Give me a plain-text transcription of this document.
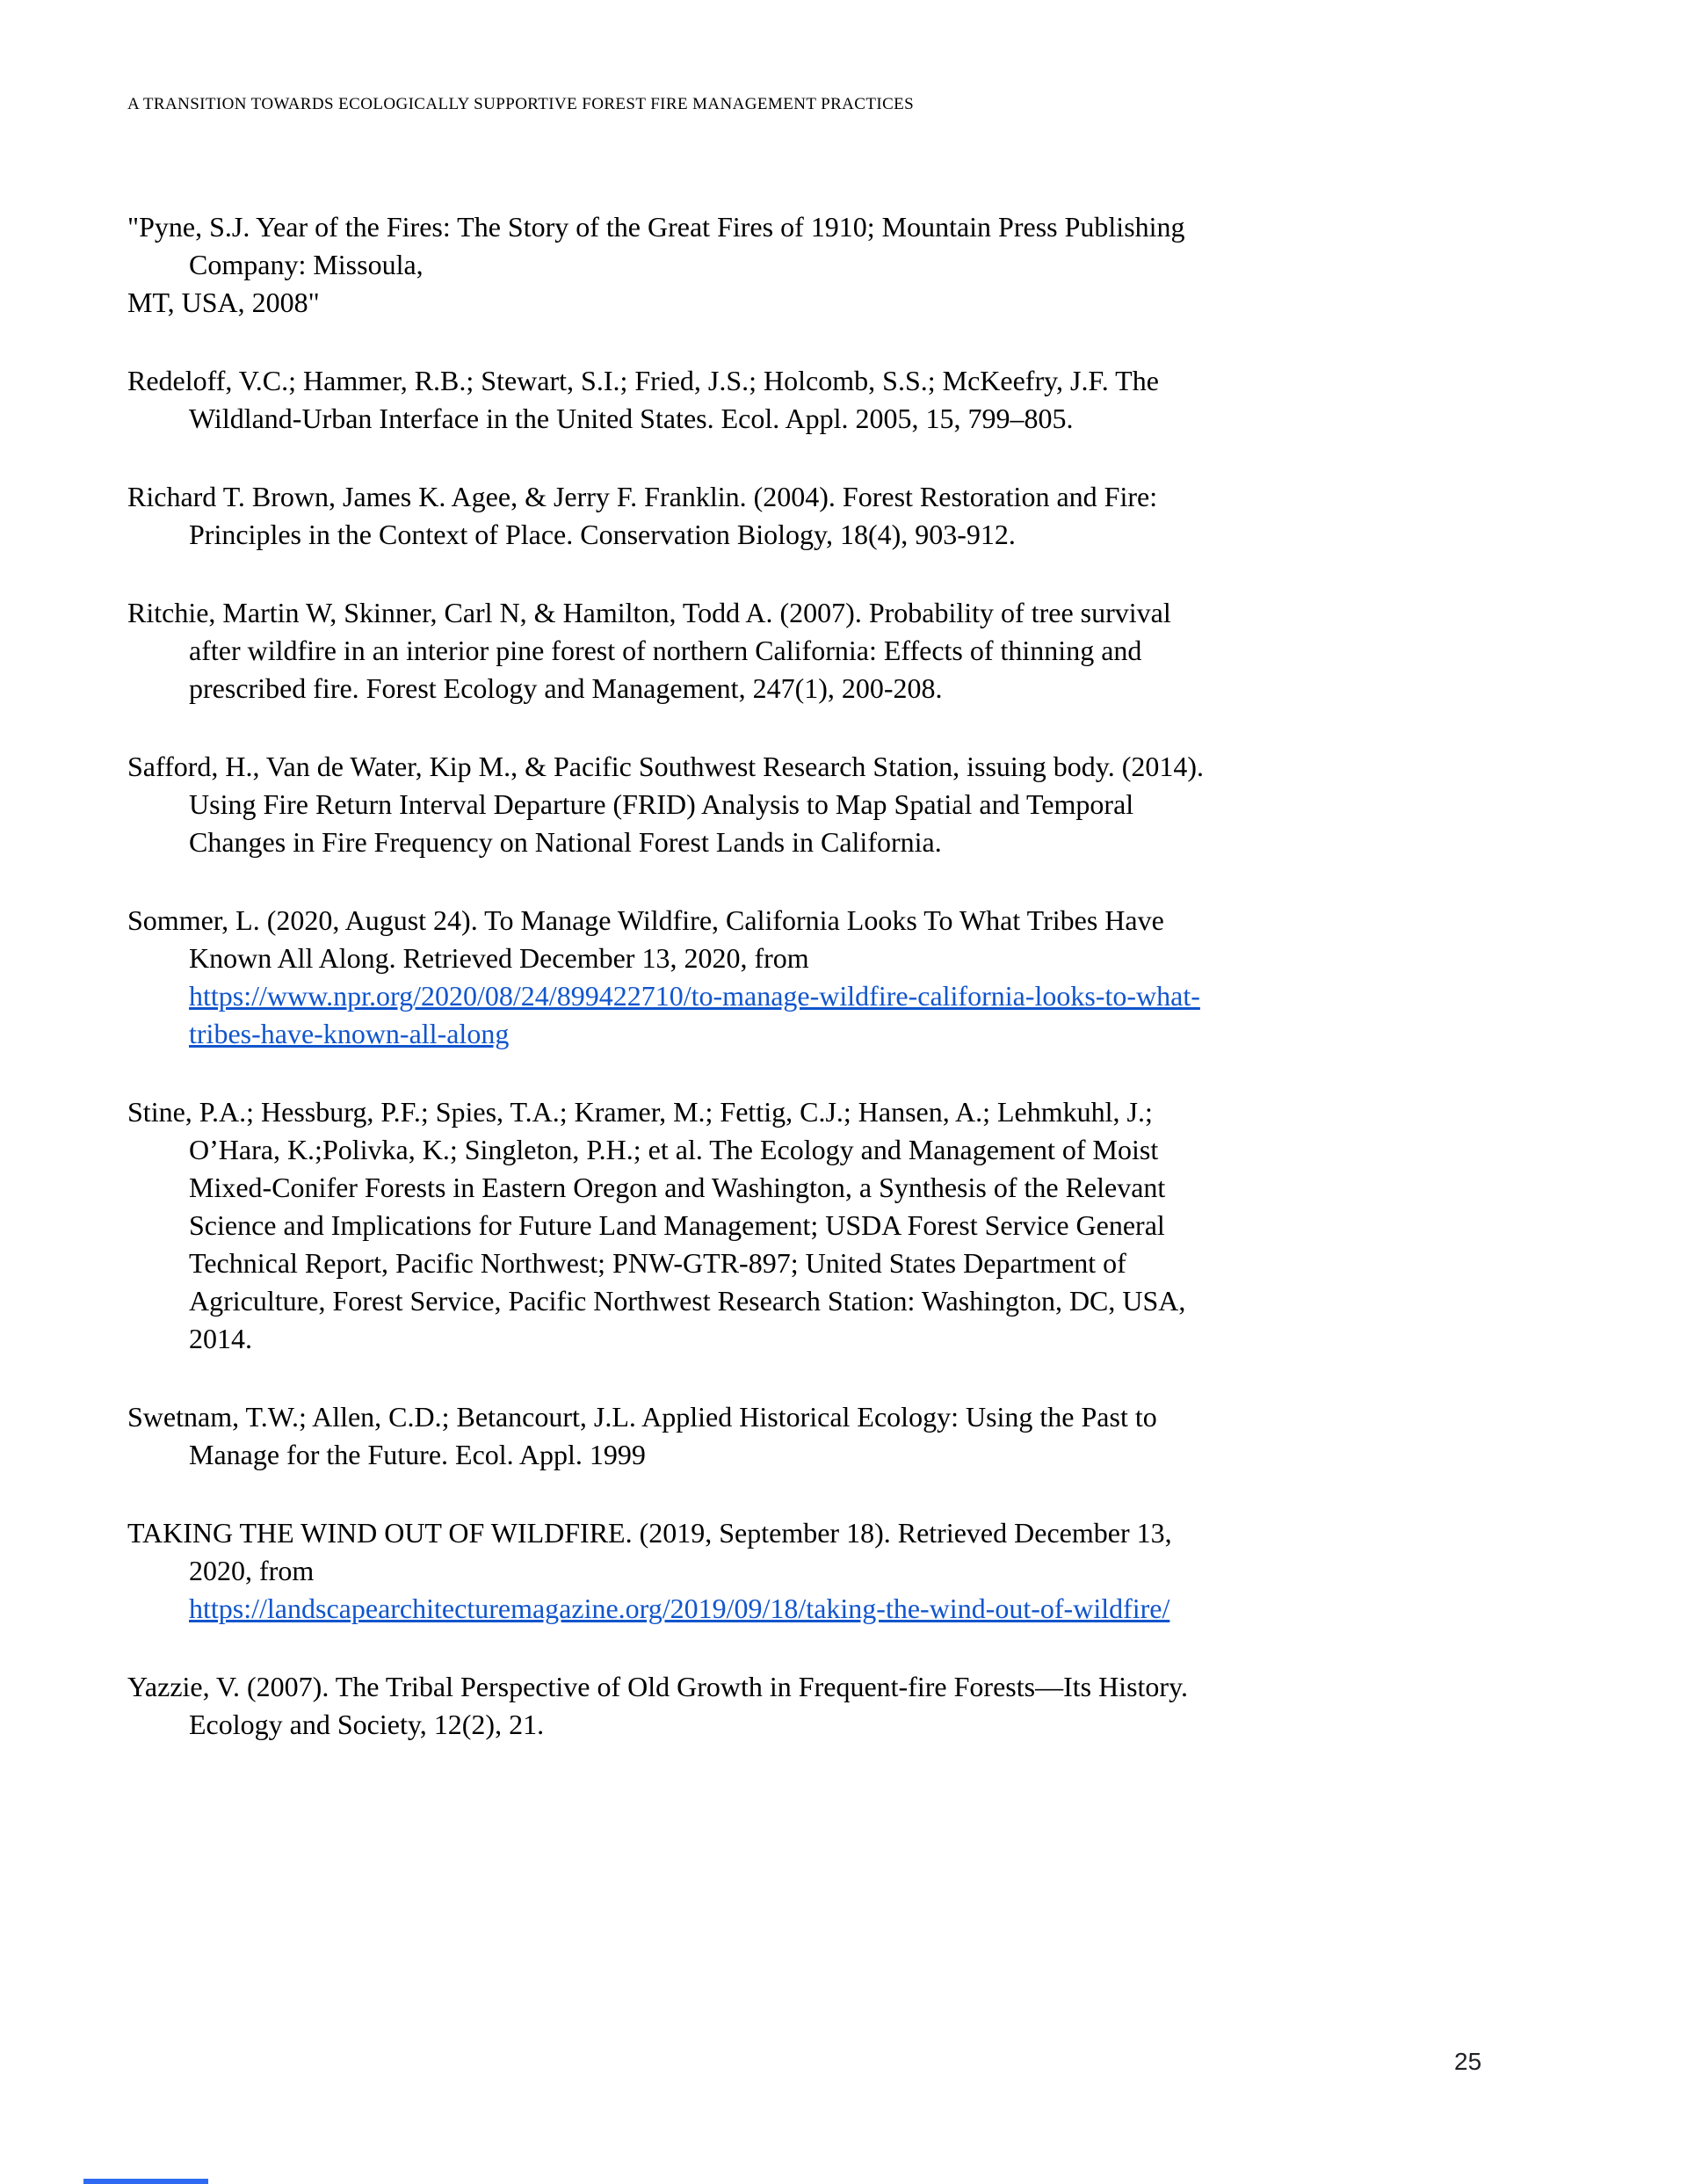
A TRANSITION TOWARDS ECOLOGICALLY SUPPORTIVE FOREST FIRE MANAGEMENT PRACTICES
"Pyne, S.J. Year of the Fires: The Story of the Great Fires of 1910; Mountain Press Publishing
Company: Missoula,
MT, USA, 2008"
Redeloff, V.C.; Hammer, R.B.; Stewart, S.I.; Fried, J.S.; Holcomb, S.S.; McKeefry, J.F. The
Wildland-Urban Interface in the United States. Ecol. Appl. 2005, 15, 799–805.
Richard T. Brown, James K. Agee, & Jerry F. Franklin. (2004). Forest Restoration and Fire:
Principles in the Context of Place. Conservation Biology, 18(4), 903-912.
Ritchie, Martin W, Skinner, Carl N, & Hamilton, Todd A. (2007). Probability of tree survival
after wildfire in an interior pine forest of northern California: Effects of thinning and
prescribed fire. Forest Ecology and Management, 247(1), 200-208.
Safford, H., Van de Water, Kip M., & Pacific Southwest Research Station, issuing body. (2014).
Using Fire Return Interval Departure (FRID) Analysis to Map Spatial and Temporal
Changes in Fire Frequency on National Forest Lands in California.
Sommer, L. (2020, August 24). To Manage Wildfire, California Looks To What Tribes Have
Known All Along. Retrieved December 13, 2020, from
https://www.npr.org/2020/08/24/899422710/to-manage-wildfire-california-looks-to-what-
tribes-have-known-all-along
Stine, P.A.; Hessburg, P.F.; Spies, T.A.; Kramer, M.; Fettig, C.J.; Hansen, A.; Lehmkuhl, J.;
O’Hara, K.;Polivka, K.; Singleton, P.H.; et al. The Ecology and Management of Moist
Mixed-Conifer Forests in Eastern Oregon and Washington, a Synthesis of the Relevant
Science and Implications for Future Land Management; USDA Forest Service General
Technical Report, Pacific Northwest; PNW-GTR-897; United States Department of
Agriculture, Forest Service, Pacific Northwest Research Station: Washington, DC, USA,
2014.
Swetnam, T.W.; Allen, C.D.; Betancourt, J.L. Applied Historical Ecology: Using the Past to
Manage for the Future. Ecol. Appl. 1999
TAKING THE WIND OUT OF WILDFIRE. (2019, September 18). Retrieved December 13,
2020, from
https://landscapearchitecturemagazine.org/2019/09/18/taking-the-wind-out-of-wildfire/
Yazzie, V. (2007). The Tribal Perspective of Old Growth in Frequent-fire Forests—Its History.
Ecology and Society, 12(2), 21.
25
